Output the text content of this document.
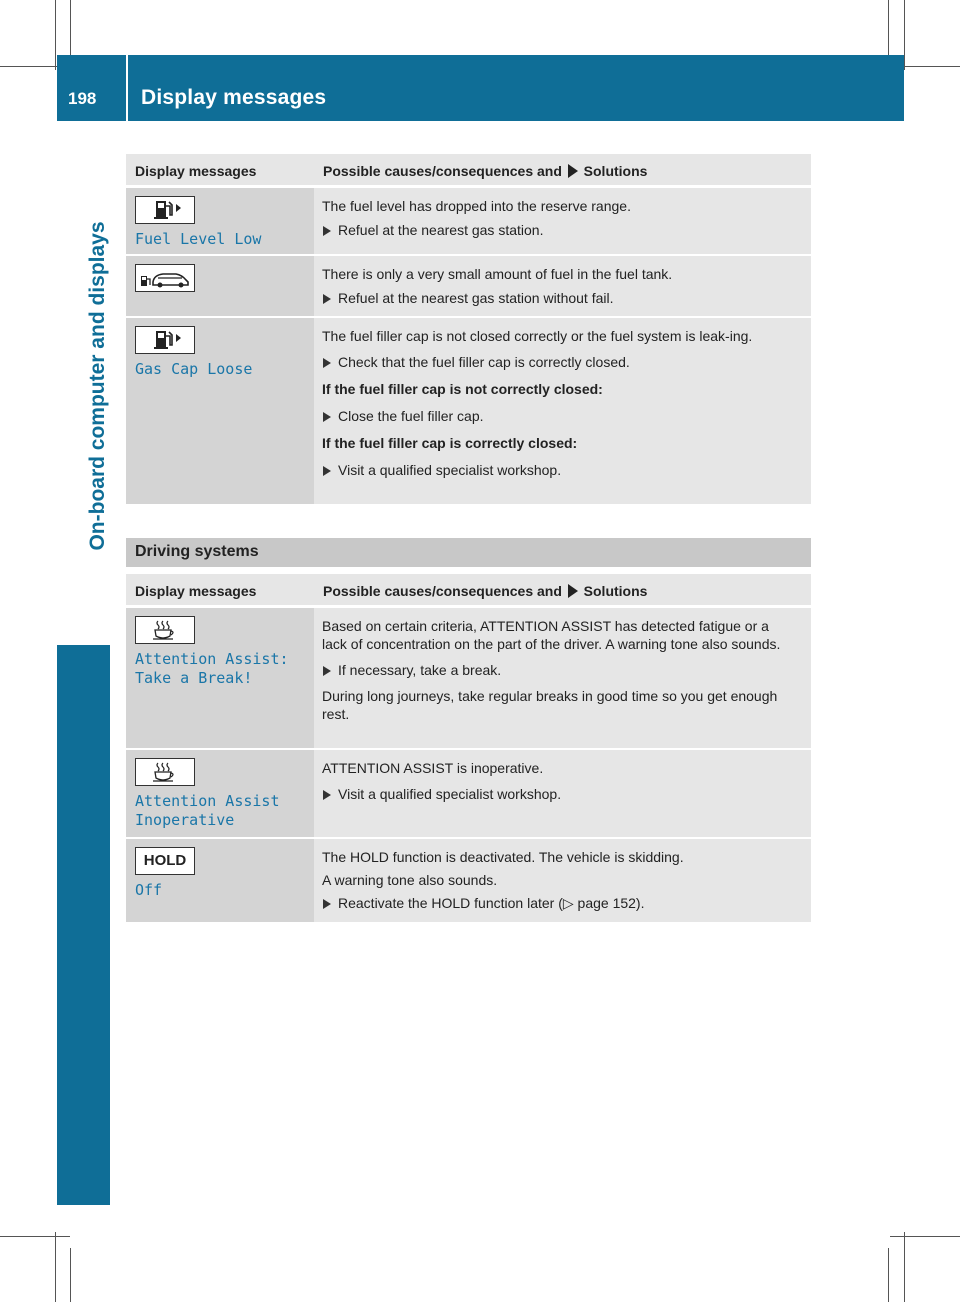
198 Display messages
On-board computer and displays
Display messages	Possible causes/consequences and Solutions
Fuel Level Low

The fuel level has dropped into the reserve range.

Refuel at the nearest gas station.

There is only a very small amount of fuel in the fuel tank.

Refuel at the nearest gas station without fail.

Gas Cap Loose

The fuel filler cap is not closed correctly or the fuel system is leak-ing.

Check that the fuel filler cap is correctly closed.

If the fuel filler cap is not correctly closed:

Close the fuel filler cap.

If the fuel filler cap is correctly closed:

Visit a qualified specialist workshop.

Driving systems
Display messages	Possible causes/consequences and Solutions
Attention Assist:
Take a Break!

Based on certain criteria, ATTENTION ASSIST has detected fatigue or a lack of concentration on the part of the driver. A warning tone also sounds.

If necessary, take a break.

During long journeys, take regular breaks in good time so you get enough rest.

Attention Assist
Inoperative

ATTENTION ASSIST is inoperative.

Visit a qualified specialist workshop.

HOLD
Off

The HOLD function is deactivated. The vehicle is skidding.

A warning tone also sounds.

Reactivate the HOLD function later (▷ page 152).
